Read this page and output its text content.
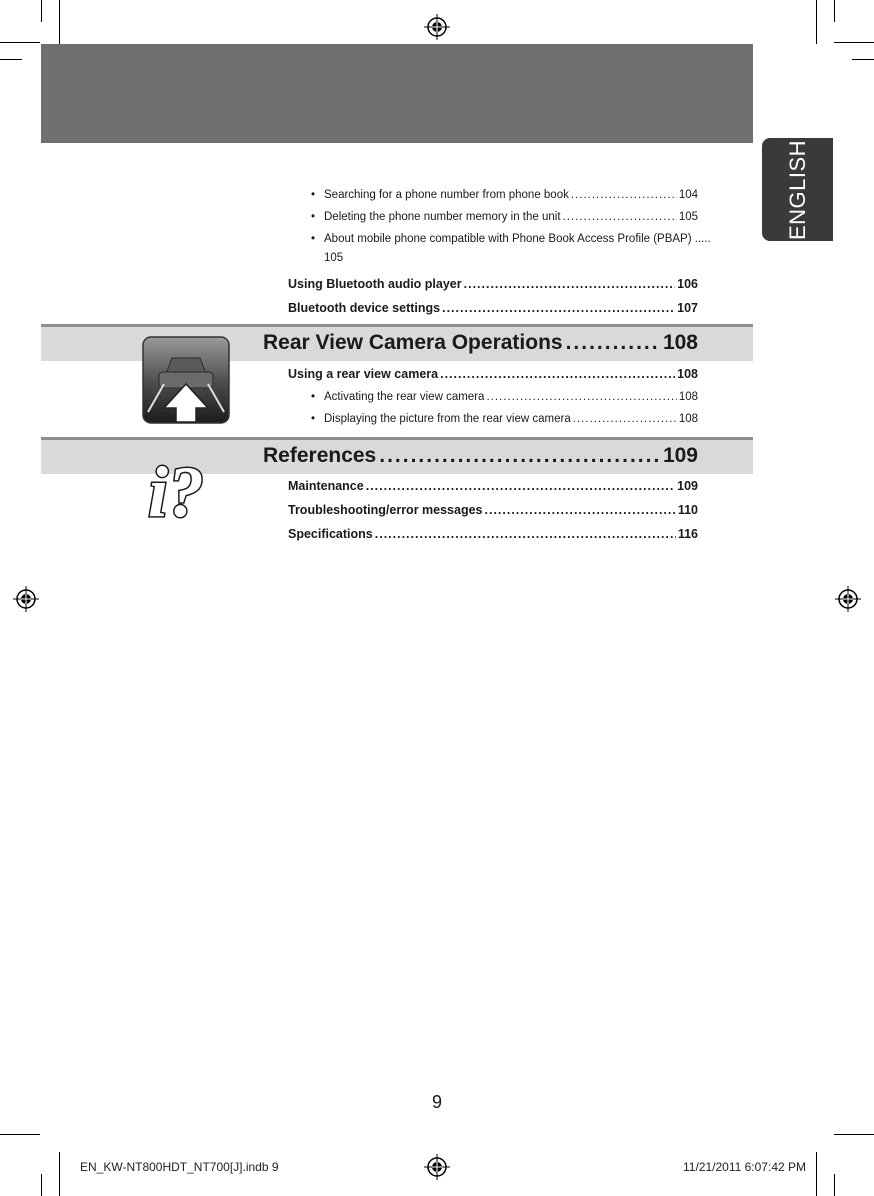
ENGLISH
• Searching for a phone number from phone book .....	104
• Deleting the phone number memory in the unit .....	105
• About mobile phone compatible with Phone Book Access Profile (PBAP) .....
105
Using Bluetooth audio player .....	106
Bluetooth device settings .....	107
Rear View Camera Operations .....	108
Using a rear view camera .....	108
• Activating the rear view camera .....	108
• Displaying the picture from the rear view camera .....	108
i?	References .....	109
Maintenance .....	109
Troubleshooting/error messages .....	110
Specifications .....	116
9
EN_KW-NT800HDT_NT700[J].indb 9	11/21/2011 6:07:42 PM
